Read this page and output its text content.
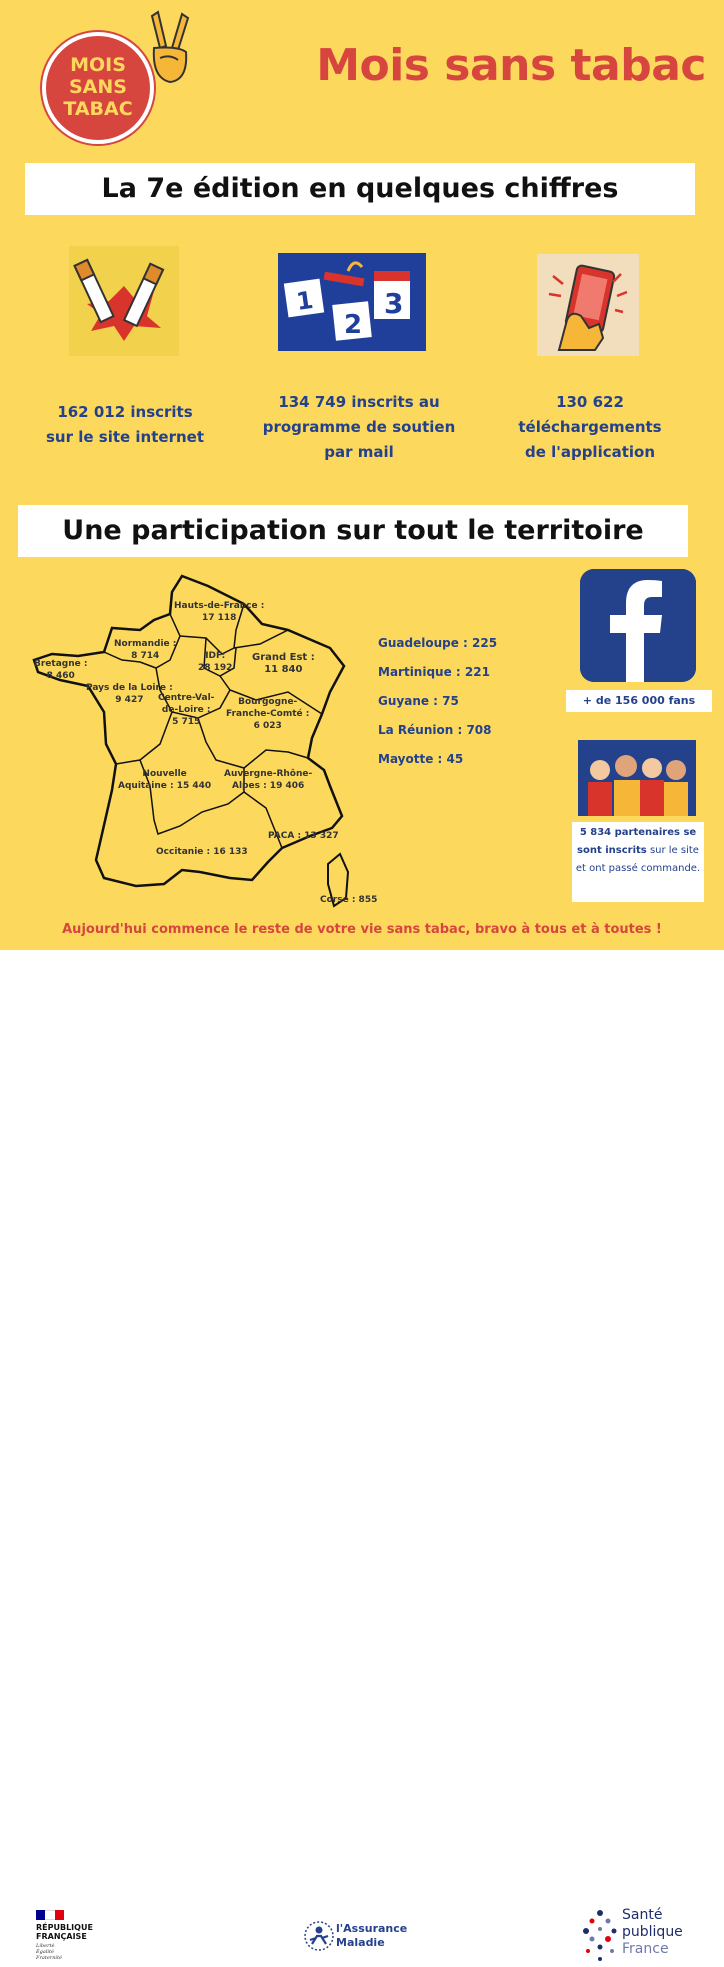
MOIS
SANS
TABAC
Mois sans tabac
La 7e édition en quelques chiffres
1
2
3
162 012 inscrits
sur le site internet
134 749 inscrits au
programme de soutien
par mail
130 622
téléchargements
de l'application
Une participation sur tout le territoire
Hauts-de-France :
17 118
Normandie :
8 714	IDF:
28 192
Grand Est :
11 840
Bretagne :
8 460
Pays de la Loire :
9 427	Centre-Val-
de-Loire :
5 715
Bourgogne-
Franche-Comté :
6 023
Nouvelle
Aquitaine : 15 440
Auvergne-Rhône-
Alpes : 19 406
PACA : 13 327
Occitanie : 16 133
Corse : 855
Guadeloupe : 225
Martinique : 221
Guyane : 75
La Réunion : 708
Mayotte : 45
+ de 156 000 fans
5 834 partenaires se sont inscrits sur le site et ont passé commande.
Aujourd'hui commence le reste de votre vie sans tabac, bravo à tous et à toutes !
RÉPUBLIQUE
FRANÇAISE
Liberté
Égalité
Fraternité
l'Assurance
Maladie
Santé
publique
France
